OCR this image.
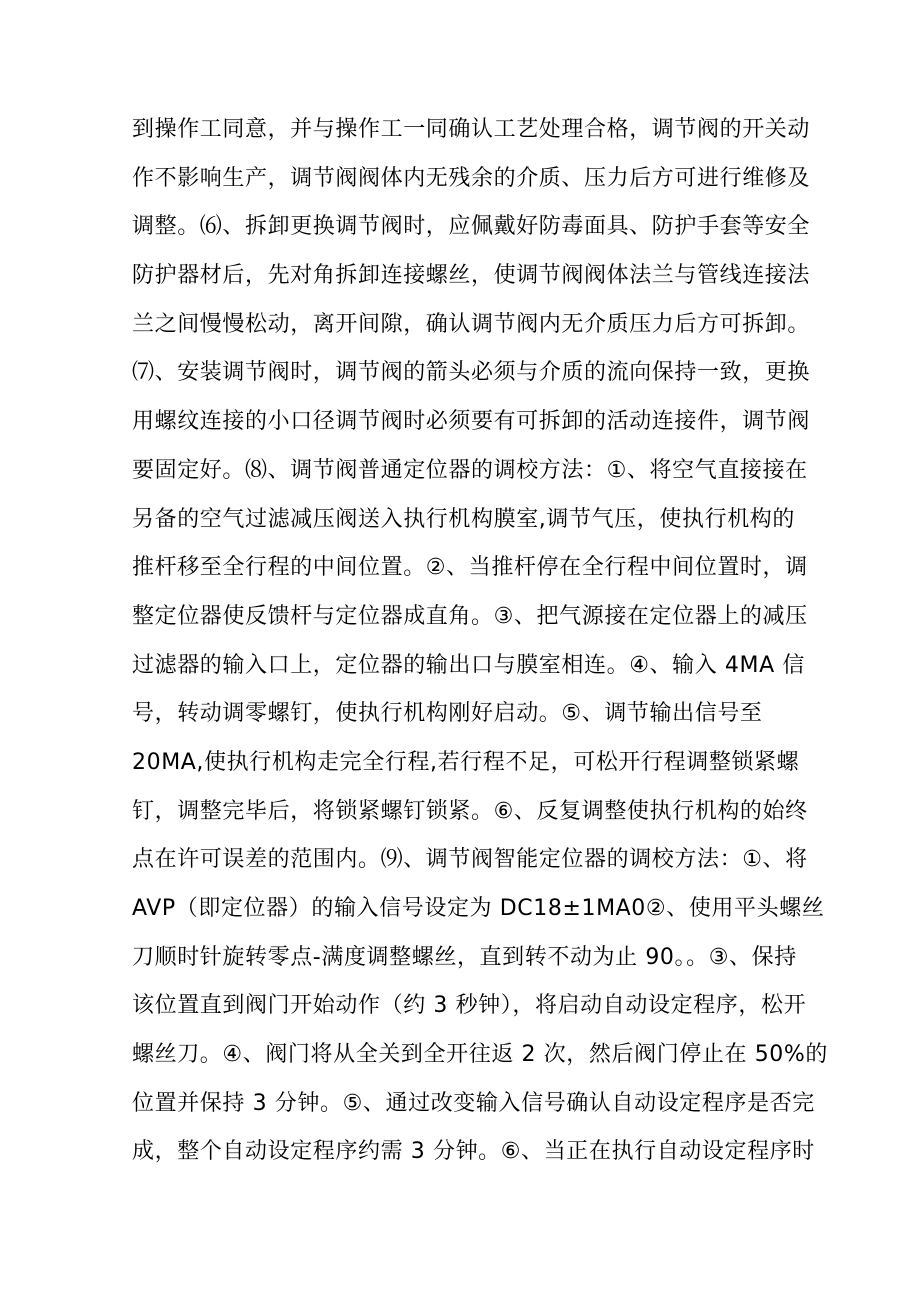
到操作工同意，并与操作工一同确认工艺处理合格，调节阀的开关动
作不影响生产，调节阀阀体内无残余的介质、压力后方可进行维修及
调整。⑹、拆卸更换调节阀时，应佩戴好防毒面具、防护手套等安全
防护器材后，先对角拆卸连接螺丝，使调节阀阀体法兰与管线连接法
兰之间慢慢松动，离开间隙，确认调节阀内无介质压力后方可拆卸。
⑺、安装调节阀时，调节阀的箭头必须与介质的流向保持一致，更换
用螺纹连接的小口径调节阀时必须要有可拆卸的活动连接件，调节阀
要固定好。⑻、调节阀普通定位器的调校方法：①、将空气直接接在
另备的空气过滤减压阀送入执行机构膜室,调节气压，使执行机构的
推杆移至全行程的中间位置。②、当推杆停在全行程中间位置时，调
整定位器使反馈杆与定位器成直角。③、把气源接在定位器上的减压
过滤器的输入口上，定位器的输出口与膜室相连。④、输入 4MA 信
号，转动调零螺钉，使执行机构刚好启动。⑤、调节输出信号至
20MA,使执行机构走完全行程,若行程不足，可松开行程调整锁紧螺
钉，调整完毕后，将锁紧螺钉锁紧。⑥、反复调整使执行机构的始终
点在许可误差的范围内。⑼、调节阀智能定位器的调校方法：①、将
AVP（即定位器）的输入信号设定为 DC18±1MA0②、使用平头螺丝
刀顺时针旋转零点-满度调整螺丝，直到转不动为止 90。。③、保持
该位置直到阀门开始动作（约 3 秒钟），将启动自动设定程序，松开
螺丝刀。④、阀门将从全关到全开往返 2 次，然后阀门停止在 50%的
位置并保持 3 分钟。⑤、通过改变输入信号确认自动设定程序是否完
成，整个自动设定程序约需 3 分钟。⑥、当正在执行自动设定程序时
